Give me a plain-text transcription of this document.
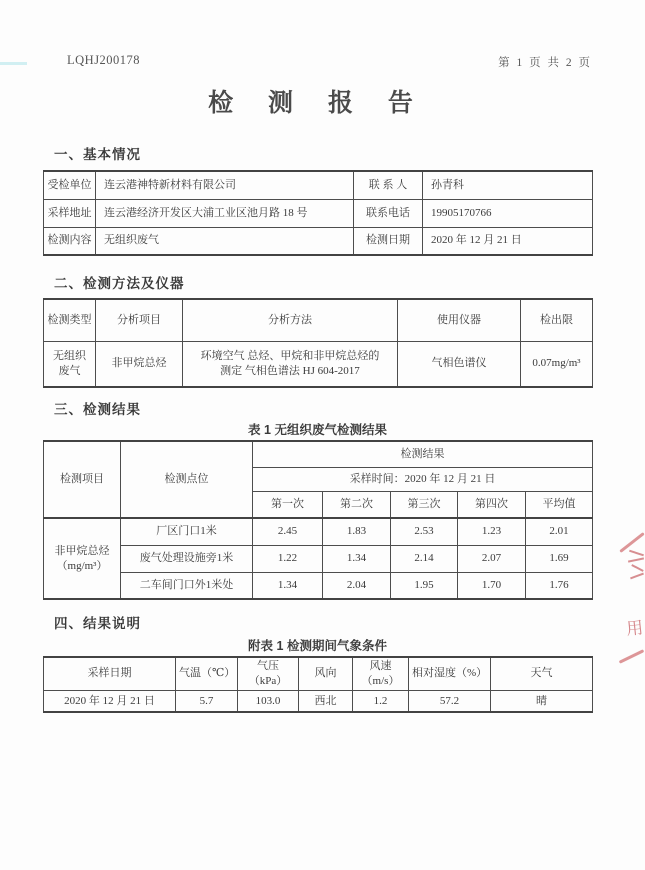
LQHJ200178	第 1 页 共 2 页
检 测 报 告
一、基本情况
受检单位	连云港神特新材料有限公司	联 系 人	孙青科
采样地址	连云港经济开发区大浦工业区池月路 18 号	联系电话	19905170766
检测内容	无组织废气	检测日期	2020 年 12 月 21 日
二、检测方法及仪器
检测类型	分析项目	分析方法	使用仪器	检出限

无组织
废气	非甲烷总烃	环境空气 总烃、甲烷和非甲烷总烃的
测定 气相色谱法 HJ 604-2017	气相色谱仪	0.07mg/m³
三、检测结果
表 1 无组织废气检测结果
检测项目	检测点位	检测结果				
		采样时间：2020 年 12 月 21 日				
		第一次	第二次	第三次	第四次	平均值

非甲烷总烃
（mg/m³）	厂区门口1米	2.45	1.83	2.53	1.23	2.01
	废气处理设施旁1米	1.22	1.34	2.14	2.07	1.69
	二车间门口外1米处	1.34	2.04	1.95	1.70	1.76
四、结果说明
附表 1 检测期间气象条件
采样日期	气温（℃）	气压（kPa）	风向	风速（m/s）	相对湿度（%）	天气
2020 年 12 月 21 日	5.7	103.0	西北	1.2	57.2	晴
用
